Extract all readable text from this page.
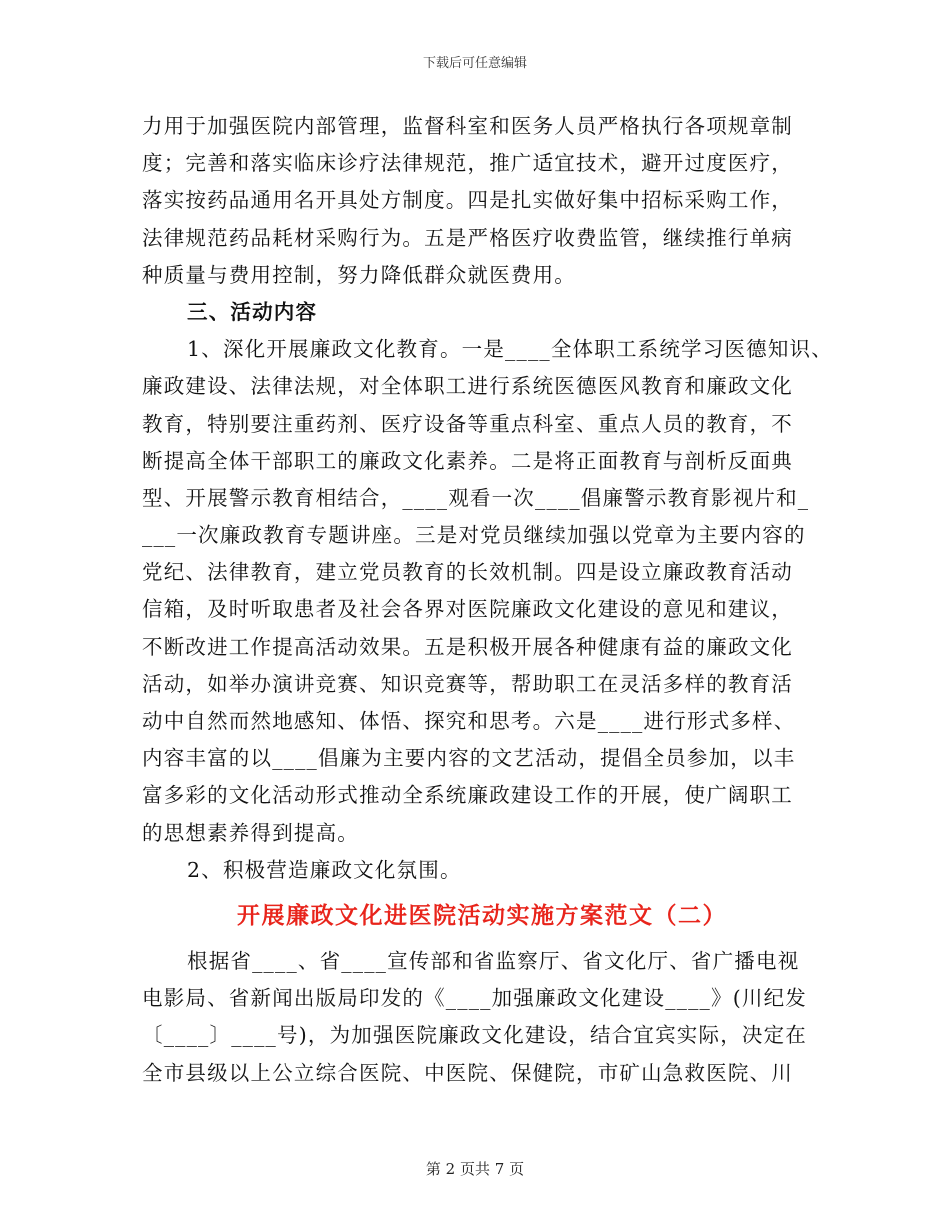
下载后可任意编辑
力用于加强医院内部管理，监督科室和医务人员严格执行各项规章制
度；完善和落实临床诊疗法律规范，推广适宜技术，避开过度医疗，
落实按药品通用名开具处方制度。四是扎实做好集中招标采购工作，
法律规范药品耗材采购行为。五是严格医疗收费监管，继续推行单病
种质量与费用控制，努力降低群众就医费用。
三、活动内容
1、深化开展廉政文化教育。一是____全体职工系统学习医德知识、
廉政建设、法律法规，对全体职工进行系统医德医风教育和廉政文化
教育，特别要注重药剂、医疗设备等重点科室、重点人员的教育，不
断提高全体干部职工的廉政文化素养。二是将正面教育与剖析反面典
型、开展警示教育相结合，____观看一次____倡廉警示教育影视片和_
___一次廉政教育专题讲座。三是对党员继续加强以党章为主要内容的
党纪、法律教育，建立党员教育的长效机制。四是设立廉政教育活动
信箱，及时听取患者及社会各界对医院廉政文化建设的意见和建议，
不断改进工作提高活动效果。五是积极开展各种健康有益的廉政文化
活动，如举办演讲竞赛、知识竞赛等，帮助职工在灵活多样的教育活
动中自然而然地感知、体悟、探究和思考。六是____进行形式多样、
内容丰富的以____倡廉为主要内容的文艺活动，提倡全员参加，以丰
富多彩的文化活动形式推动全系统廉政建设工作的开展，使广阔职工
的思想素养得到提高。
2、积极营造廉政文化氛围。
开展廉政文化进医院活动实施方案范文（二）
根据省____、省____宣传部和省监察厅、省文化厅、省广播电视
电影局、省新闻出版局印发的《____加强廉政文化建设____》(川纪发
〔____〕____号)，为加强医院廉政文化建设，结合宜宾实际，决定在
全市县级以上公立综合医院、中医院、保健院，市矿山急救医院、川
第 2 页共 7 页
